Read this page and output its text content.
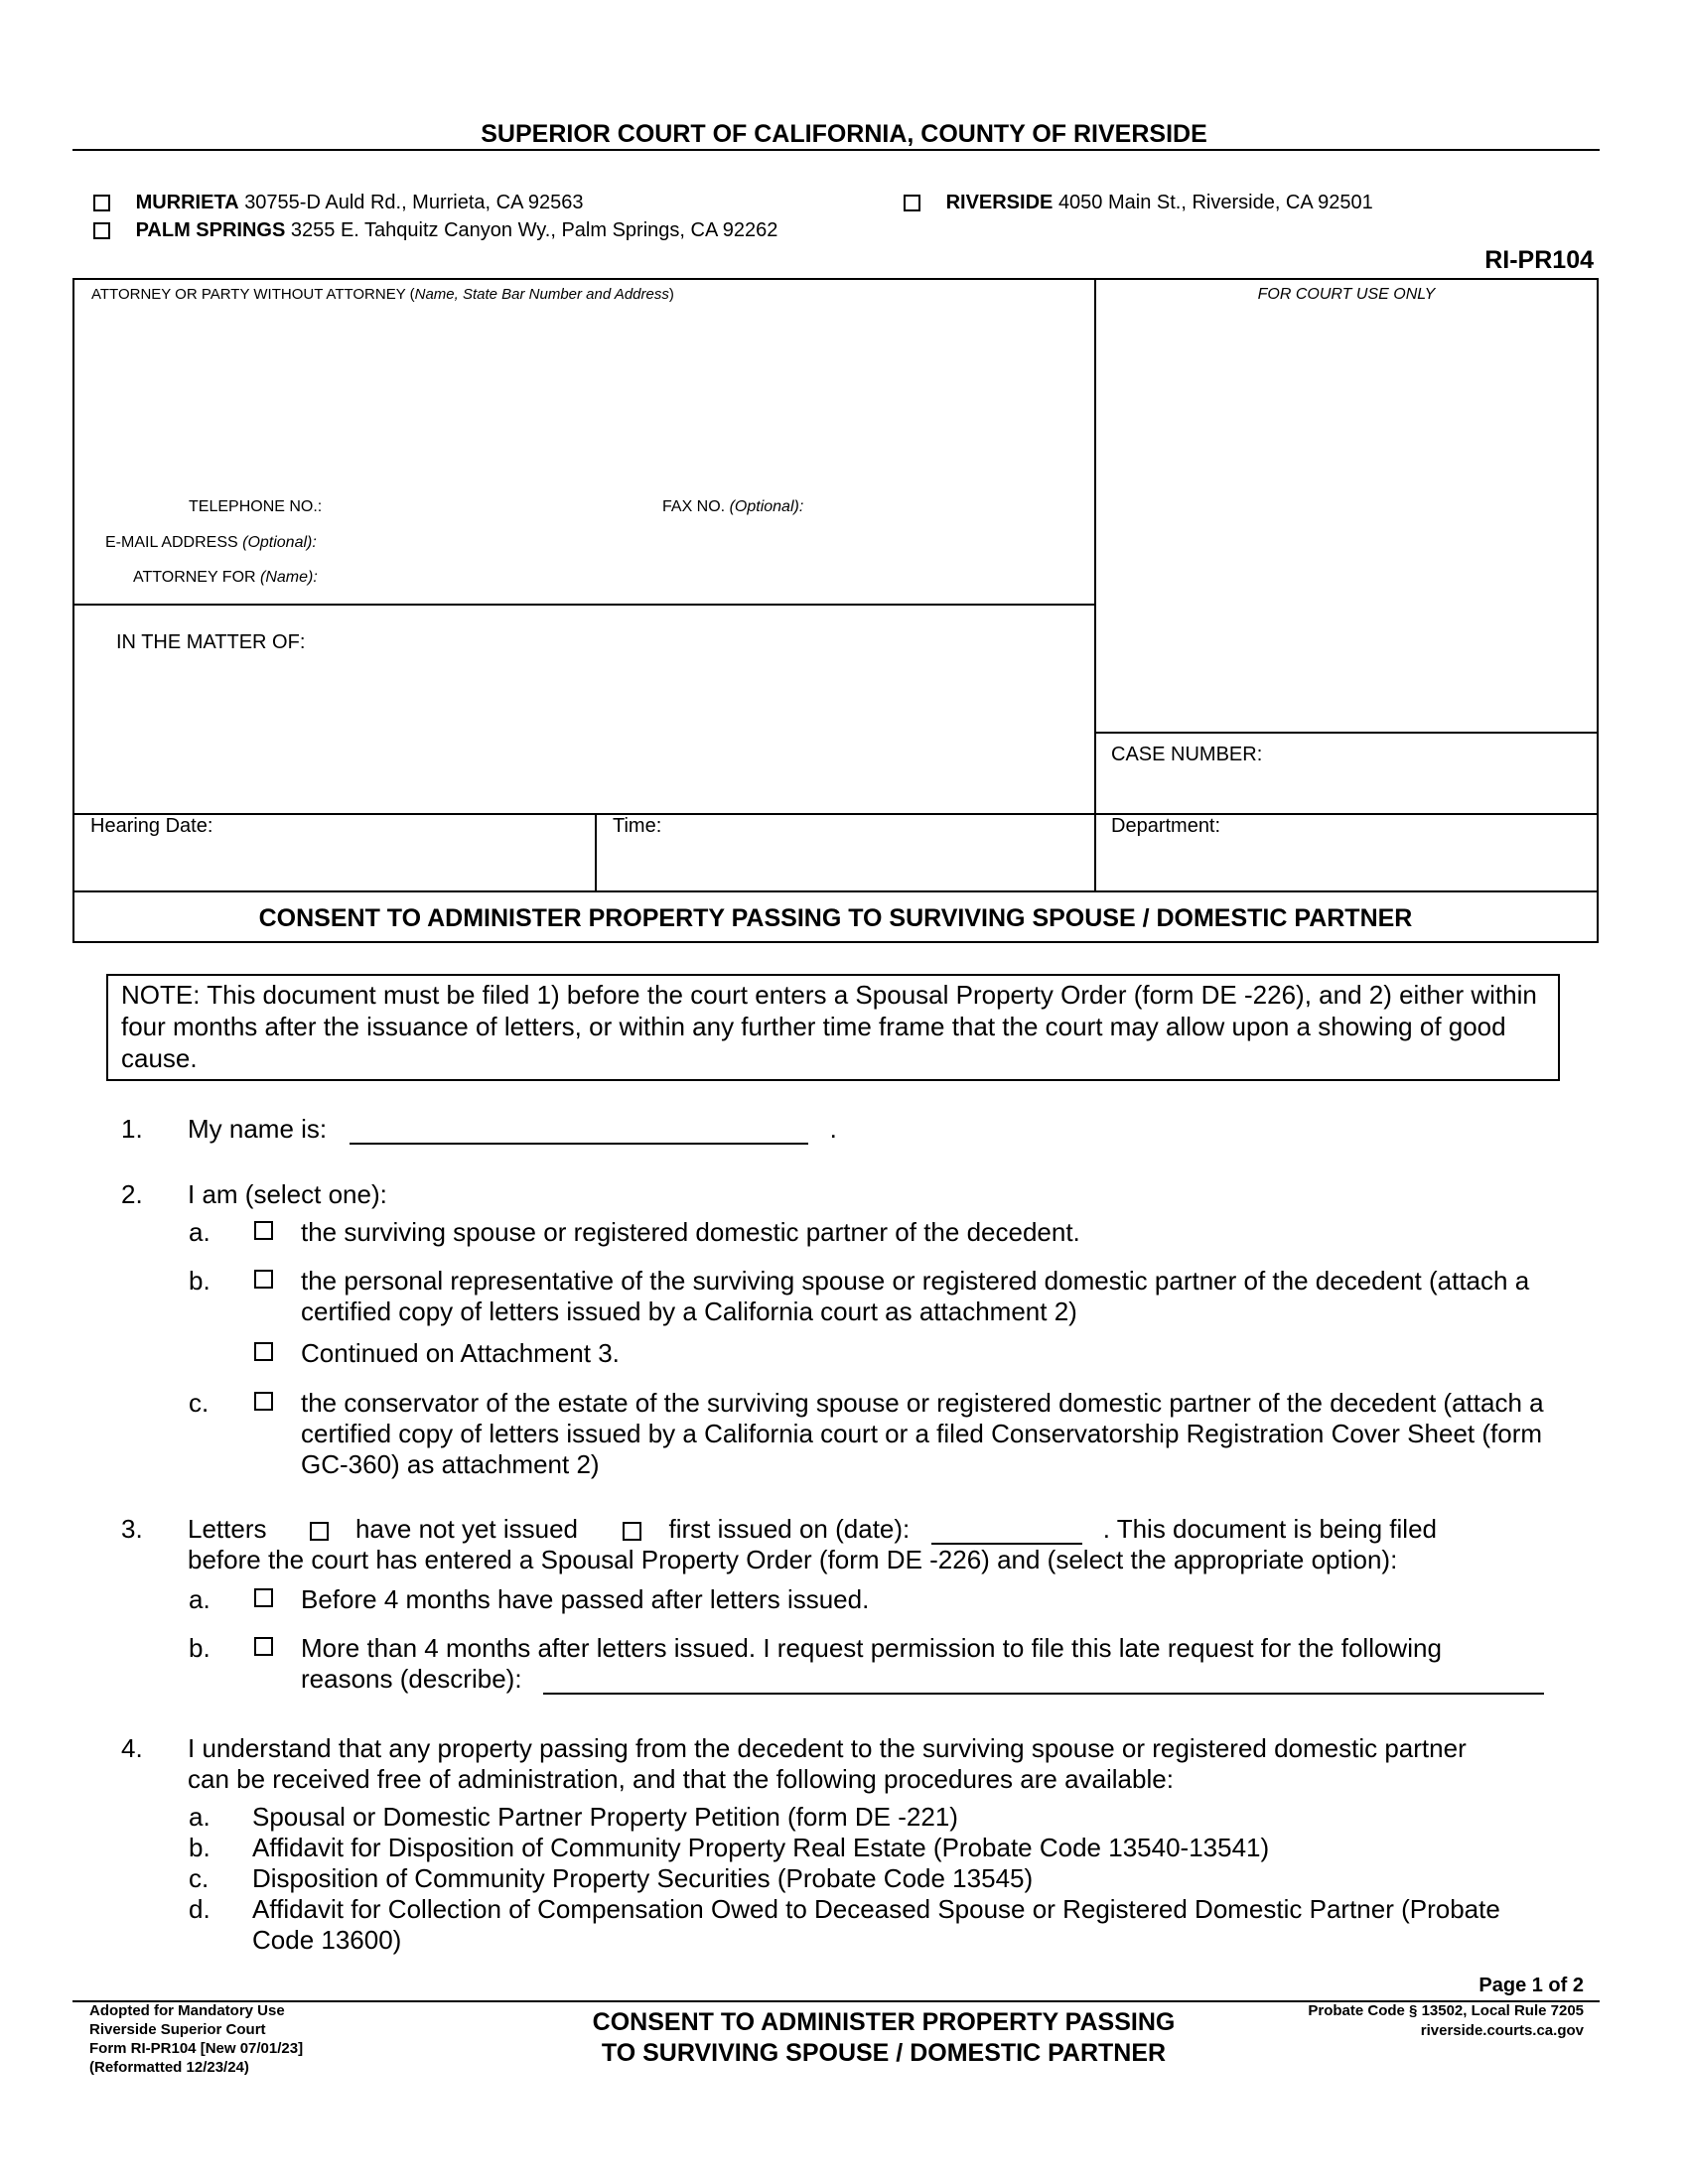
SUPERIOR COURT OF CALIFORNIA, COUNTY OF RIVERSIDE
MURRIETA 30755-D Auld Rd., Murrieta, CA 92563
PALM SPRINGS 3255 E. Tahquitz Canyon Wy., Palm Springs, CA 92262
RIVERSIDE 4050 Main St., Riverside, CA 92501
RI-PR104
ATTORNEY OR PARTY WITHOUT ATTORNEY (Name, State Bar Number and Address)	FOR COURT USE ONLY
TELEPHONE NO.:	FAX NO. (Optional):
E-MAIL ADDRESS (Optional):
ATTORNEY FOR (Name):
IN THE MATTER OF:
CASE NUMBER:
Hearing Date:	Time:	Department:
CONSENT TO ADMINISTER PROPERTY PASSING TO SURVIVING SPOUSE / DOMESTIC PARTNER
NOTE: This document must be filed 1) before the court enters a Spousal Property Order (form DE -226), and 2) either within four months after the issuance of letters, or within any further time frame that the court may allow upon a showing of good cause.
1. My name is:	.
2. I am (select one):
a.	the surviving spouse or registered domestic partner of the decedent.
b.	the personal representative of the surviving spouse or registered domestic partner of the decedent (attach a certified copy of letters issued by a California court as attachment 2)
Continued on Attachment 3.
c.	the conservator of the estate of the surviving spouse or registered domestic partner of the decedent (attach a certified copy of letters issued by a California court or a filed Conservatorship Registration Cover Sheet (form GC-360) as attachment 2)
3. Letters	have not yet issued	first issued on (date):	. This document is being filed
before the court has entered a Spousal Property Order (form DE -226) and (select the appropriate option):
a.	Before 4 months have passed after letters issued.
b.	More than 4 months after letters issued. I request permission to file this late request for the following
reasons (describe):
4. I understand that any property passing from the decedent to the surviving spouse or registered domestic partner can be received free of administration, and that the following procedures are available:
a. Spousal or Domestic Partner Property Petition (form DE -221)
b. Affidavit for Disposition of Community Property Real Estate (Probate Code 13540-13541)
c. Disposition of Community Property Securities (Probate Code 13545)
d. Affidavit for Collection of Compensation Owed to Deceased Spouse or Registered Domestic Partner (Probate Code 13600)
Page 1 of 2
Adopted for Mandatory Use
Riverside Superior Court
Form RI-PR104 [New 07/01/23]
(Reformatted 12/23/24)
CONSENT TO ADMINISTER PROPERTY PASSING
TO SURVIVING SPOUSE / DOMESTIC PARTNER
Probate Code § 13502, Local Rule 7205
riverside.courts.ca.gov
